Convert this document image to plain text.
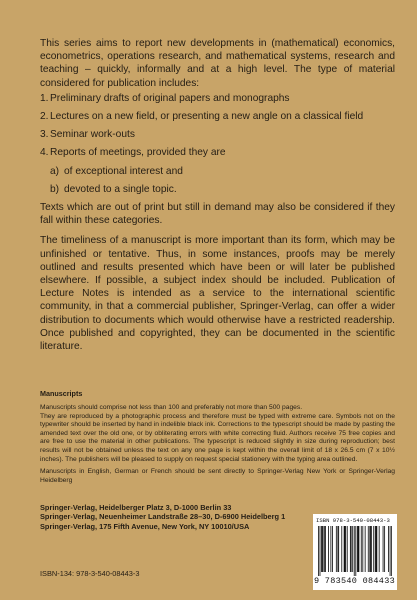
This series aims to report new developments in (mathematical) economics, econometrics, operations research, and mathematical systems, research and teaching – quickly, informally and at a high level. The type of material considered for publication includes:

1. Preliminary drafts of original papers and monographs
2. Lectures on a new field, or presenting a new angle on a classical field
3. Seminar work-outs
4. Reports of meetings, provided they are
a) of exceptional interest and
b) devoted to a single topic.

Texts which are out of print but still in demand may also be considered if they fall within these categories.

The timeliness of a manuscript is more important than its form, which may be unfinished or tentative. Thus, in some instances, proofs may be merely outlined and results presented which have been or will later be published elsewhere. If possible, a subject index should be included. Publication of Lecture Notes is intended as a service to the international scientific community, in that a commercial publisher, Springer-Verlag, can offer a wider distribution to documents which would otherwise have a restricted readership. Once published and copyrighted, they can be documented in the scientific literature.

Manuscripts

Manuscripts should comprise not less than 100 and preferably not more than 500 pages.

They are reproduced by a photographic process and therefore must be typed with extreme care. Symbols not on the typewriter should be inserted by hand in indelible black ink. Corrections to the typescript should be made by pasting the amended text over the old one, or by obliterating errors with white correcting fluid. Authors receive 75 free copies and are free to use the material in other publications. The typescript is reduced slightly in size during reproduction; best results will not be obtained unless the text on any one page is kept within the overall limit of 18 x 26.5 cm (7 x 10½ inches). The publishers will be pleased to supply on request special stationery with the typing area outlined.

Manuscripts in English, German or French should be sent directly to Springer-Verlag New York or Springer-Verlag Heidelberg

Springer-Verlag, Heidelberger Platz 3, D-1000 Berlin 33
Springer-Verlag, Neuenheimer Landstraße 28–30, D-6900 Heidelberg 1
Springer-Verlag, 175 Fifth Avenue, New York, NY 10010/USA
ISBN-134: 978-3-540-08443-3
ISBN 978-3-540-08443-3
9 783540 084433
